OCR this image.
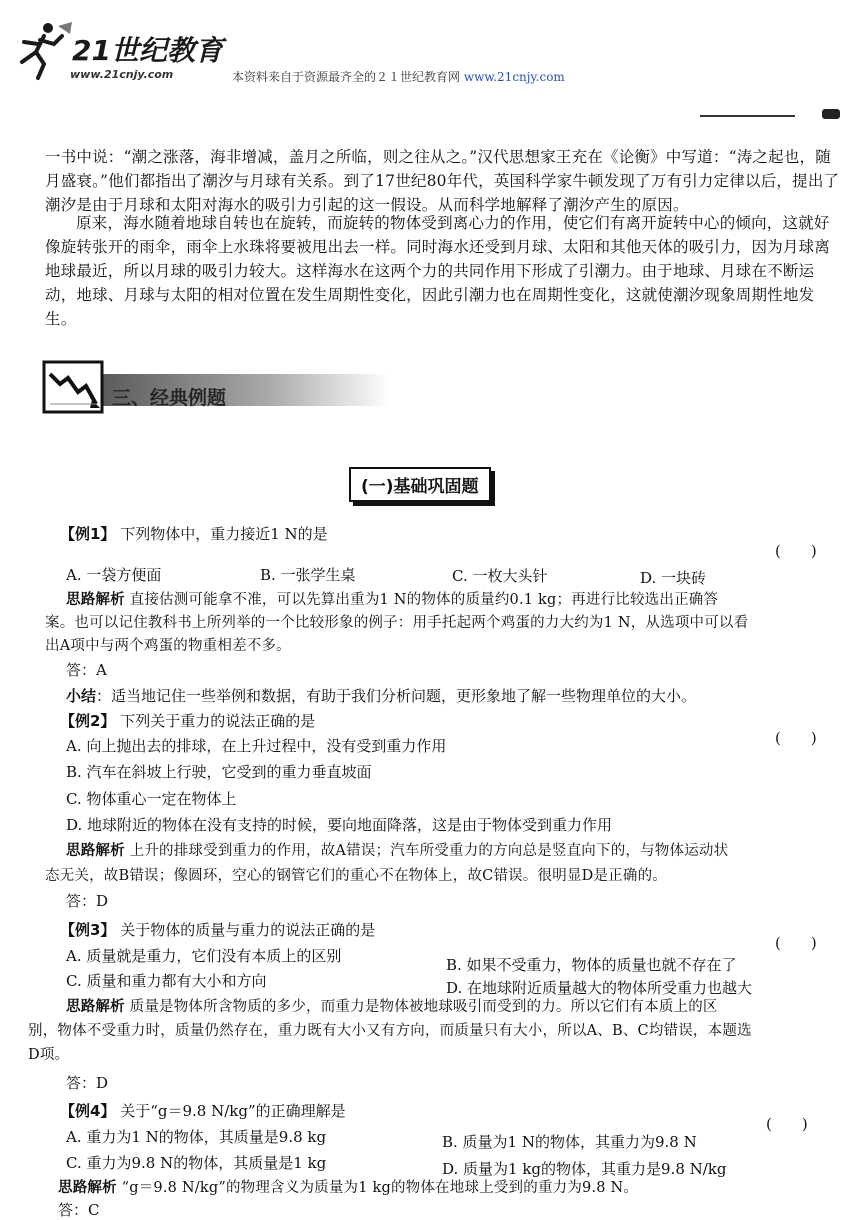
21世纪教育
www.21cnjy.com	本资料来自于资源最齐全的２１世纪教育网 www.21cnjy.com

一书中说：“潮之涨落，海非增减，盖月之所临，则之往从之。”汉代思想家王充在《论衡》中写道：“涛之起也，随月盛衰。”他们都指出了潮汐与月球有关系。到了17世纪80年代，英国科学家牛顿发现了万有引力定律以后，提出了潮汐是由于月球和太阳对海水的吸引力引起的这一假设。从而科学地解释了潮汐产生的原因。

原来，海水随着地球自转也在旋转，而旋转的物体受到离心力的作用，使它们有离开旋转中心的倾向，这就好像旋转张开的雨伞，雨伞上水珠将要被甩出去一样。同时海水还受到月球、太阳和其他天体的吸引力，因为月球离地球最近，所以月球的吸引力较大。这样海水在这两个力的共同作用下形成了引潮力。由于地球、月球在不断运动，地球、月球与太阳的相对位置在发生周期性变化，因此引潮力也在周期性变化，这就使潮汐现象周期性地发生。

三、经典例题
(一)基础巩固题
【例1】 下列物体中，重力接近1 N的是
(　　)
A. 一袋方便面	B. 一张学生桌	C. 一枚大头针	D. 一块砖
思路解析 直接估测可能拿不准，可以先算出重为1 N的物体的质量约0.1 kg；再进行比较选出正确答
案。也可以记住教科书上所列举的一个比较形象的例子：用手托起两个鸡蛋的力大约为1 N，从选项中可以看
出A项中与两个鸡蛋的物重相差不多。
答：A
小结：适当地记住一些举例和数据，有助于我们分析问题，更形象地了解一些物理单位的大小。
【例2】 下列关于重力的说法正确的是
(　　)
A. 向上抛出去的排球，在上升过程中，没有受到重力作用
B. 汽车在斜坡上行驶，它受到的重力垂直坡面
C. 物体重心一定在物体上
D. 地球附近的物体在没有支持的时候，要向地面降落，这是由于物体受到重力作用
思路解析 上升的排球受到重力的作用，故A错误；汽车所受重力的方向总是竖直向下的，与物体运动状
态无关，故B错误；像圆环，空心的钢管它们的重心不在物体上，故C错误。很明显D是正确的。
答：D
【例3】 关于物体的质量与重力的说法正确的是
(　　)
A. 质量就是重力，它们没有本质上的区别	B. 如果不受重力，物体的质量也就不存在了
C. 质量和重力都有大小和方向	D. 在地球附近质量越大的物体所受重力也越大
思路解析 质量是物体所含物质的多少，而重力是物体被地球吸引而受到的力。所以它们有本质上的区
别，物体不受重力时，质量仍然存在，重力既有大小又有方向，而质量只有大小，所以A、B、C均错误，本题选
D项。
答：D
【例4】 关于“g＝9.8 N/kg”的正确理解是
(　　)
A. 重力为1 N的物体，其质量是9.8 kg	B. 质量为1 N的物体，其重力为9.8 N
C. 重力为9.8 N的物体，其质量是1 kg	D. 质量为1 kg的物体，其重力是9.8 N/kg
思路解析 “g＝9.8 N/kg”的物理含义为质量为1 kg的物体在地球上受到的重力为9.8 N。
答：C
